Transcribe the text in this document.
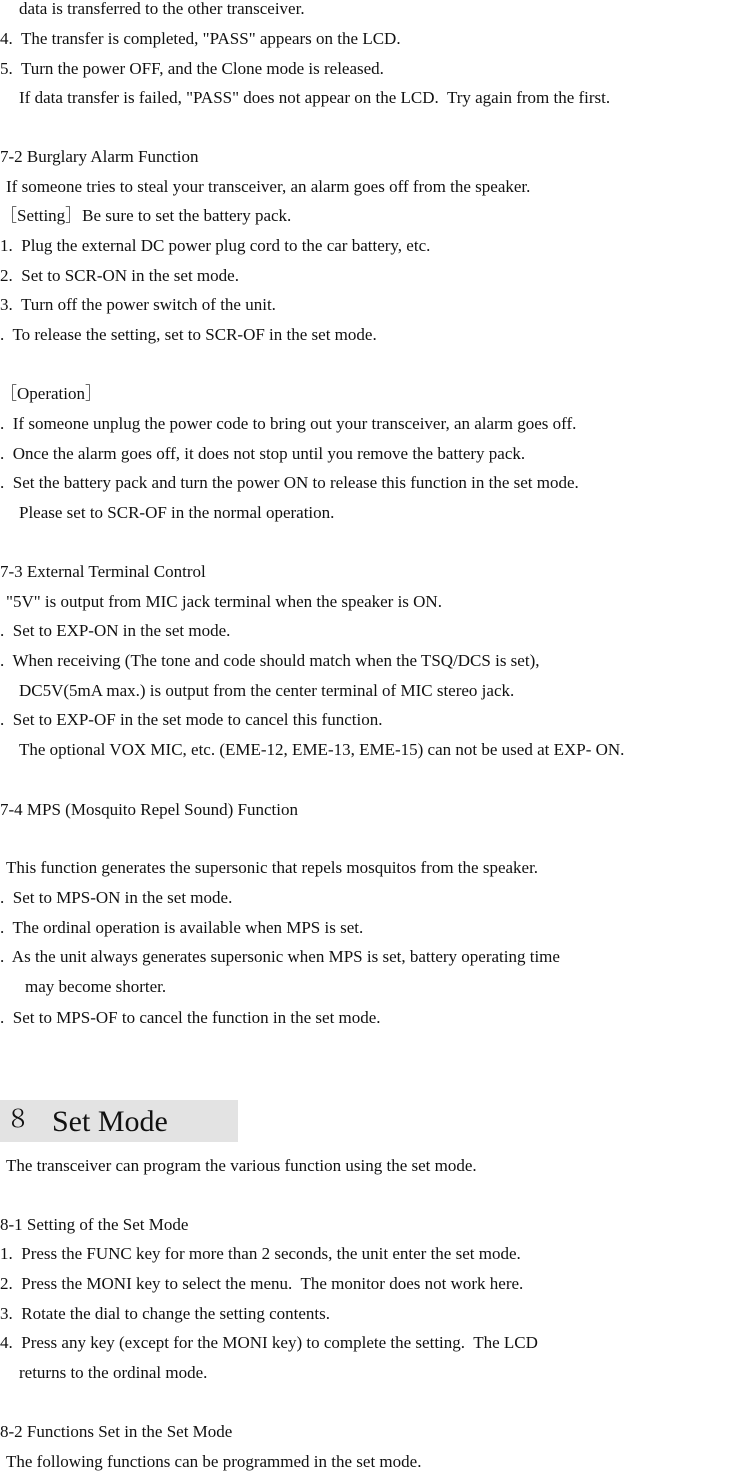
data is transferred to the other transceiver.
4.  The transfer is completed, "PASS" appears on the LCD.
5.  Turn the power OFF, and the Clone mode is released.
If data transfer is failed, "PASS" does not appear on the LCD.  Try again from the first.
7-2 Burglary Alarm Function
If someone tries to steal your transceiver, an alarm goes off from the speaker.
［Setting］Be sure to set the battery pack.
1.  Plug the external DC power plug cord to the car battery, etc.
2.  Set to SCR-ON in the set mode.
3.  Turn off the power switch of the unit.
.  To release the setting, set to SCR-OF in the set mode.
［Operation］
.  If someone unplug the power code to bring out your transceiver, an alarm goes off.
.  Once the alarm goes off, it does not stop until you remove the battery pack.
.  Set the battery pack and turn the power ON to release this function in the set mode.
Please set to SCR-OF in the normal operation.
7-3 External Terminal Control
"5V" is output from MIC jack terminal when the speaker is ON.
.  Set to EXP-ON in the set mode.
.  When receiving (The tone and code should match when the TSQ/DCS is set),
DC5V(5mA max.) is output from the center terminal of MIC stereo jack.
.  Set to EXP-OF in the set mode to cancel this function.
The optional VOX MIC, etc. (EME-12, EME-13, EME-15) can not be used at EXP- ON.
7-4 MPS (Mosquito Repel Sound) Function
This function generates the supersonic that repels mosquitos from the speaker.
.  Set to MPS-ON in the set mode.
.  The ordinal operation is available when MPS is set.
.  As the unit always generates supersonic when MPS is set, battery operating time
may become shorter.
.  Set to MPS-OF to cancel the function in the set mode.
８ Set Mode
The transceiver can program the various function using the set mode.
8-1 Setting of the Set Mode
1.  Press the FUNC key for more than 2 seconds, the unit enter the set mode.
2.  Press the MONI key to select the menu.  The monitor does not work here.
3.  Rotate the dial to change the setting contents.
4.  Press any key (except for the MONI key) to complete the setting.  The LCD
returns to the ordinal mode.
8-2 Functions Set in the Set Mode
The following functions can be programmed in the set mode.
